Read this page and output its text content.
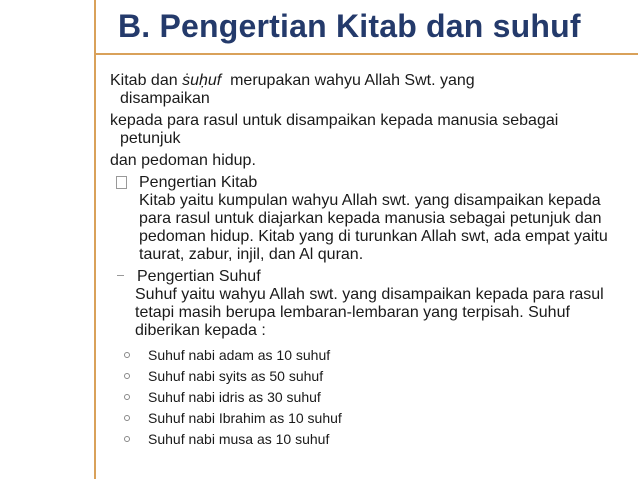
B. Pengertian Kitab dan suhuf

Kitab dan ṡuḥuf  merupakan wahyu Allah Swt. yang

disampaikan

kepada para rasul untuk disampaikan kepada manusia sebagai

petunjuk

dan pedoman hidup.

Pengertian Kitab

Kitab yaitu kumpulan wahyu Allah swt. yang disampaikan kepada para rasul untuk diajarkan kepada manusia sebagai petunjuk dan pedoman hidup. Kitab yang di turunkan Allah swt, ada empat yaitu taurat, zabur, injil, dan Al quran.

Pengertian Suhuf

Suhuf yaitu wahyu Allah swt. yang disampaikan kepada para rasul tetapi masih berupa lembaran-lembaran yang terpisah. Suhuf diberikan kepada :

Suhuf nabi adam as 10 suhuf
Suhuf nabi syits as 50 suhuf
Suhuf nabi idris as 30 suhuf
Suhuf nabi Ibrahim as 10 suhuf
Suhuf nabi musa as 10 suhuf
